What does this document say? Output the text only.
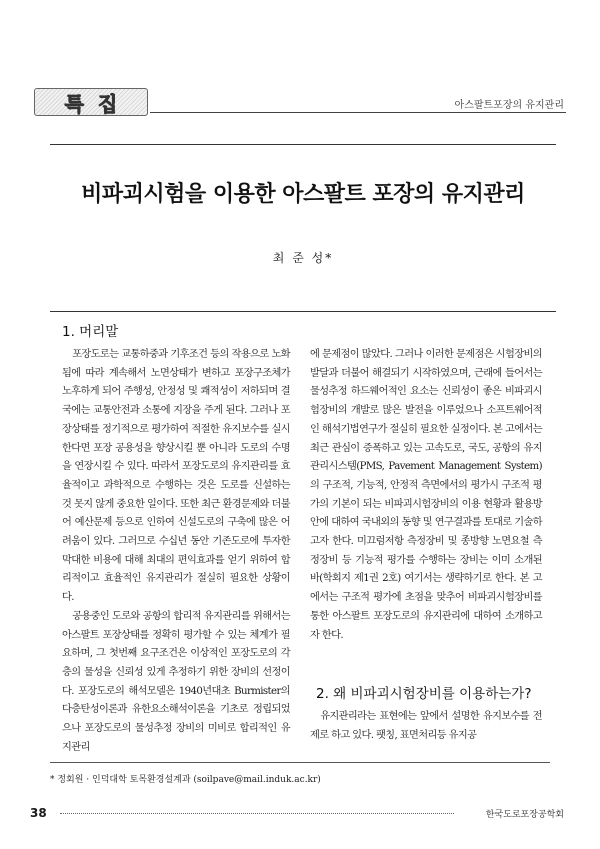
특집	아스팔트포장의 유지관리
비파괴시험을 이용한 아스팔트 포장의 유지관리
최 준 성*
1. 머리말

포장도로는 교통하중과 기후조건 등의 작용으로 노화됨에 따라 계속해서 노면상태가 변하고 포장구조체가 노후하게 되어 주행성, 안정성 및 쾌적성이 저하되며 결국에는 교통안전과 소통에 지장을 주게 된다. 그러나 포장상태를 정기적으로 평가하여 적절한 유지보수를 실시한다면 포장 공용성을 향상시킬 뿐 아니라 도로의 수명을 연장시킬 수 있다. 따라서 포장도로의 유지관리를 효율적이고 과학적으로 수행하는 것은 도로를 신설하는 것 못지 않게 중요한 일이다. 또한 최근 환경문제와 더불어 예산문제 등으로 인하여 신설도로의 구축에 많은 어려움이 있다. 그러므로 수십년 동안 기존도로에 투자한 막대한 비용에 대해 최대의 편익효과를 얻기 위하여 합리적이고 효율적인 유지관리가 절실히 필요한 상황이다.

공용중인 도로와 공항의 합리적 유지관리를 위해서는 아스팔트 포장상태를 정확히 평가할 수 있는 체계가 필요하며, 그 첫번째 요구조건은 이상적인 포장도로의 각 층의 물성을 신뢰성 있게 추정하기 위한 장비의 선정이다. 포장도로의 해석모델은 1940년대초 Burmister의 다층탄성이론과 유한요소해석이론을 기초로 정립되었으나 포장도로의 물성추정 장비의 미비로 합리적인 유지관리

에 문제점이 많았다. 그러나 이러한 문제점은 시험장비의 발달과 더불어 해결되기 시작하였으며, 근래에 들어서는 물성추정 하드웨어적인 요소는 신뢰성이 좋은 비파괴시험장비의 개발로 많은 발전을 이루었으나 소프트웨어적인 해석기법연구가 절실히 필요한 실정이다. 본 고에서는 최근 관심이 증폭하고 있는 고속도로, 국도, 공항의 유지관리시스템(PMS, Pavement Management System)의 구조적, 기능적, 안정적 측면에서의 평가시 구조적 평가의 기본이 되는 비파괴시험장비의 이용 현황과 활용방안에 대하여 국내외의 동향 및 연구결과를 토대로 기술하고자 한다. 미끄럼저항 측정장비 및 종방향 노면요철 측정장비 등 기능적 평가를 수행하는 장비는 이미 소개된 바(학회지 제1권 2호) 여기서는 생략하기로 한다. 본 고에서는 구조적 평가에 초점을 맞추어 비파괴시험장비를 통한 아스팔트 포장도로의 유지관리에 대하여 소개하고자 한다.

2. 왜 비파괴시험장비를 이용하는가?

유지관리라는 표현에는 앞에서 설명한 유지보수를 전제로 하고 있다. 팻칭, 표면처리등 유지공

* 정회원 · 인덕대학 토목환경설계과 (soilpave@mail.induk.ac.kr)
38	한국도로포장공학회
